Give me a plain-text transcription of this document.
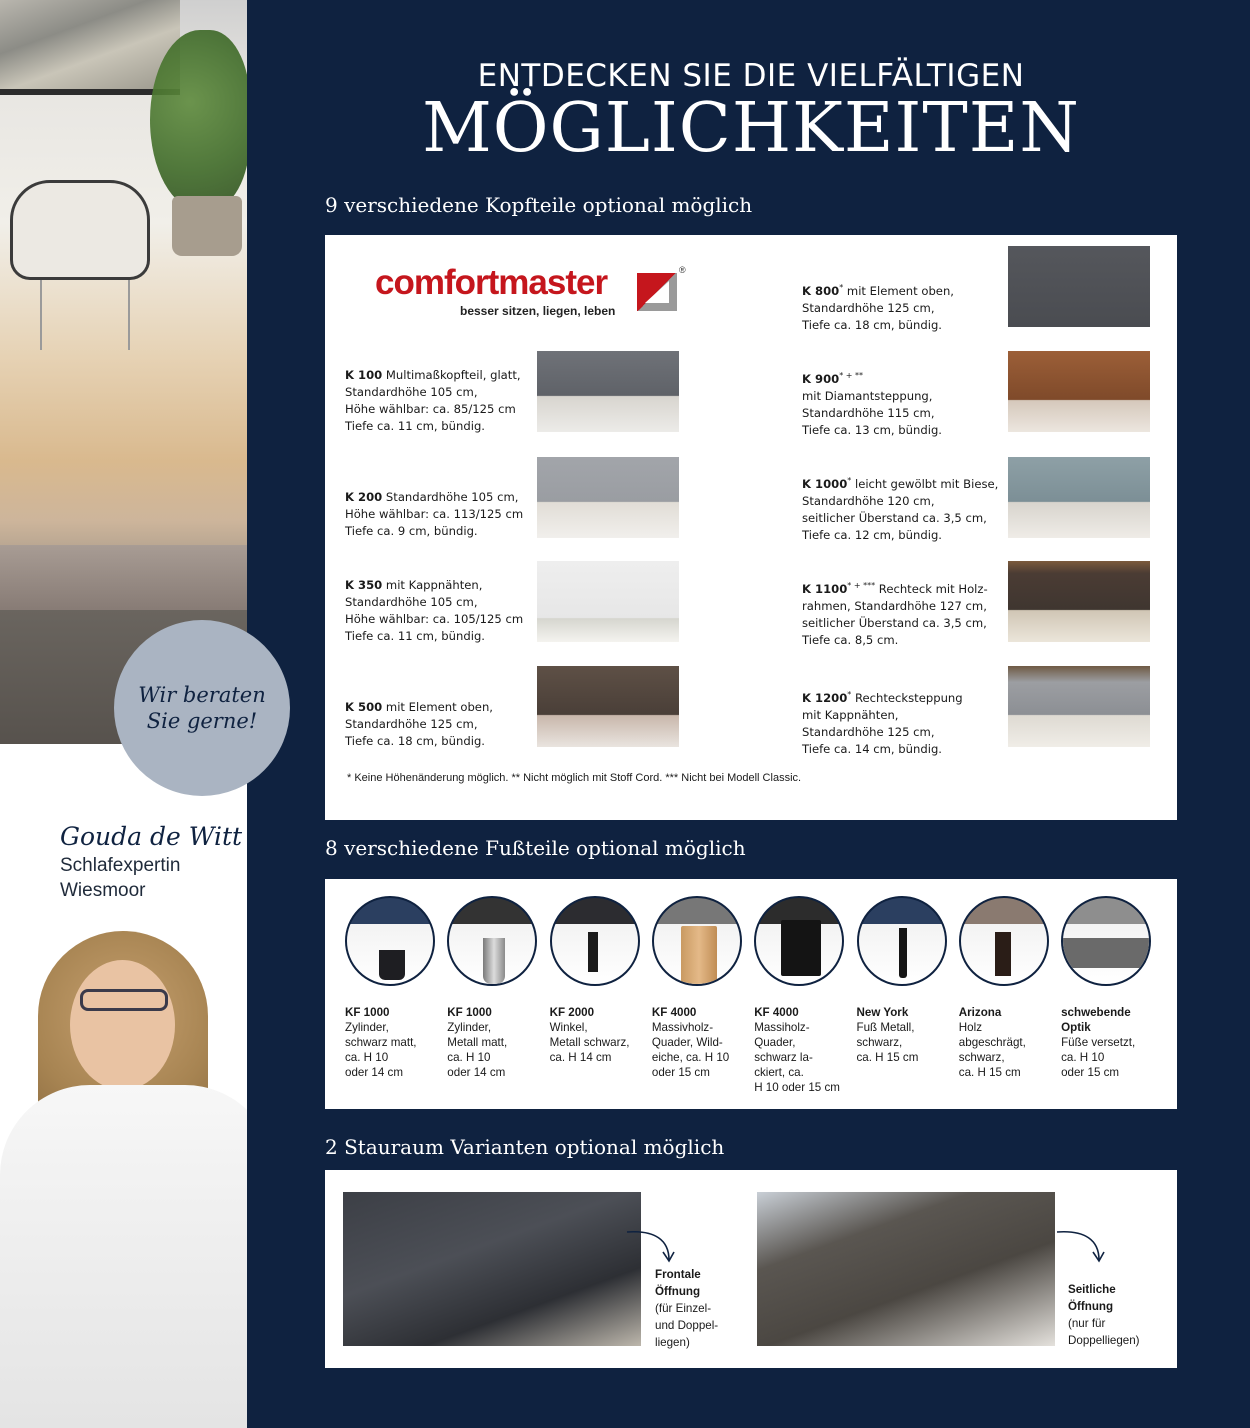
Gouda de Witt
Schlafexpertin
Wiesmoor
Wir beraten Sie gerne!
ENTDECKEN SIE DIE VIELFÄLTIGEN
MÖGLICHKEITEN
9 verschiedene Kopfteile optional möglich
comfortmaster
besser sitzen, liegen, leben
®
K 100 Multimaßkopfteil, glatt,
Standardhöhe 105 cm,
Höhe wählbar: ca. 85/125 cm
Tiefe ca. 11 cm, bündig.
K 200 Standardhöhe 105 cm,
Höhe wählbar: ca. 113/125 cm
Tiefe ca. 9 cm, bündig.
K 350 mit Kappnähten,
Standardhöhe 105 cm,
Höhe wählbar: ca. 105/125 cm
Tiefe ca. 11 cm, bündig.
K 500 mit Element oben,
Standardhöhe 125 cm,
Tiefe ca. 18 cm, bündig.
K 800* mit Element oben,
Standardhöhe 125 cm,
Tiefe ca. 18 cm, bündig.
K 900* + **
mit Diamantsteppung,
Standardhöhe 115 cm,
Tiefe ca. 13 cm, bündig.
K 1000* leicht gewölbt mit Biese,
Standardhöhe 120 cm,
seitlicher Überstand ca. 3,5 cm,
Tiefe ca. 12 cm, bündig.
K 1100* + *** Rechteck mit Holz-
rahmen, Standardhöhe 127 cm,
seitlicher Überstand ca. 3,5 cm,
Tiefe ca. 8,5 cm.
K 1200* Rechtecksteppung
mit Kappnähten,
Standardhöhe 125 cm,
Tiefe ca. 14 cm, bündig.
* Keine Höhenänderung möglich. ** Nicht möglich mit Stoff Cord. *** Nicht bei Modell Classic.
8 verschiedene Fußteile optional möglich
KF 1000
Zylinder,
schwarz matt,
ca. H 10
oder 14 cm
KF 1000
Zylinder,
Metall matt,
ca. H 10
oder 14 cm
KF 2000
Winkel,
Metall schwarz,
ca. H 14 cm
KF 4000
Massivholz-
Quader, Wild-
eiche, ca. H 10
oder 15 cm
KF 4000
Massiholz-
Quader,
schwarz la-
ckiert, ca.
H 10 oder 15 cm
New York
Fuß Metall,
schwarz,
ca. H 15 cm
Arizona
Holz
abgeschrägt,
schwarz,
ca. H 15 cm
schwebende
Optik
Füße versetzt,
ca. H 10
oder 15 cm
2 Stauraum Varianten optional möglich
Frontale
Öffnung
(für Einzel-
und Doppel-
liegen)
Seitliche
Öffnung
(nur für
Doppelliegen)
